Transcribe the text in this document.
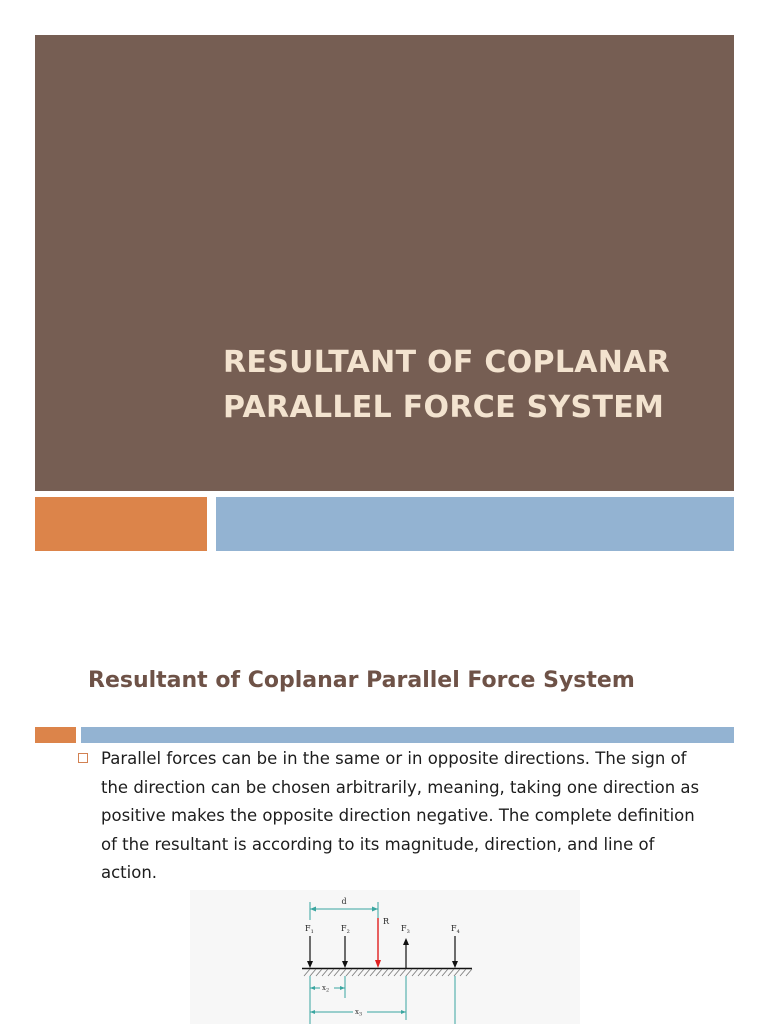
RESULTANT OF COPLANAR
PARALLEL FORCE SYSTEM
Resultant of Coplanar Parallel Force System

Parallel forces can be in the same or in opposite directions. The sign of the direction can be chosen arbitrarily, meaning, taking one direction as positive makes the opposite direction negative. The complete definition of the resultant is according to its magnitude, direction, and line of action.

d
$F_1$	$F_2$
R
$F_3$	$F_4$
$x_2$
$x_3$
